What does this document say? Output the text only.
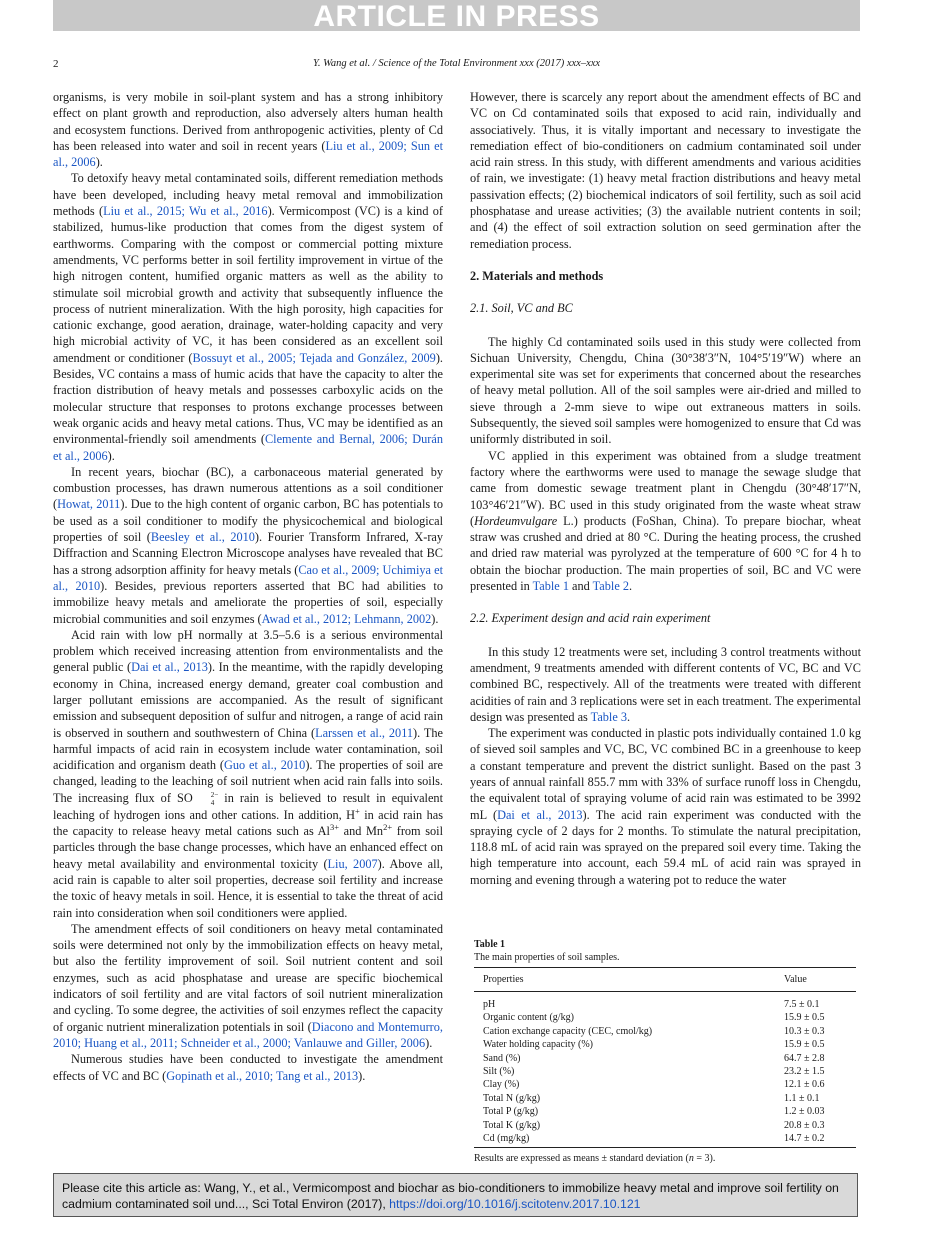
ARTICLE IN PRESS
2	Y. Wang et al. / Science of the Total Environment xxx (2017) xxx–xxx

organisms, is very mobile in soil-plant system and has a strong inhibitory effect on plant growth and reproduction, also adversely alters human health and ecosystem functions. Derived from anthropogenic activities, plenty of Cd has been released into water and soil in recent years (Liu et al., 2009; Sun et al., 2006).

To detoxify heavy metal contaminated soils, different remediation methods have been developed, including heavy metal removal and immobilization methods (Liu et al., 2015; Wu et al., 2016). Vermicompost (VC) is a kind of stabilized, humus-like production that comes from the digest system of earthworms. Comparing with the compost or commercial potting mixture amendments, VC performs better in soil fertility improvement in virtue of the high nitrogen content, humified organic matters as well as the ability to stimulate soil microbial growth and activity that subsequently influence the process of nutrient mineralization. With the high porosity, high capacities for cationic exchange, good aeration, drainage, water-holding capacity and very high microbial activity of VC, it has been considered as an excellent soil amendment or conditioner (Bossuyt et al., 2005; Tejada and González, 2009). Besides, VC contains a mass of humic acids that have the capacity to alter the fraction distribution of heavy metals and possesses carboxylic acids on the molecular structure that responses to protons exchange processes between weak organic acids and heavy metal cations. Thus, VC may be identified as an environmental-friendly soil amendments (Clemente and Bernal, 2006; Durán et al., 2006).

In recent years, biochar (BC), a carbonaceous material generated by combustion processes, has drawn numerous attentions as a soil conditioner (Howat, 2011). Due to the high content of organic carbon, BC has potentials to be used as a soil conditioner to modify the physicochemical and biological properties of soil (Beesley et al., 2010). Fourier Transform Infrared, X-ray Diffraction and Scanning Electron Microscope analyses have revealed that BC has a strong adsorption affinity for heavy metals (Cao et al., 2009; Uchimiya et al., 2010). Besides, previous reporters asserted that BC had abilities to immobilize heavy metals and ameliorate the properties of soil, especially microbial communities and soil enzymes (Awad et al., 2012; Lehmann, 2002).

Acid rain with low pH normally at 3.5–5.6 is a serious environmental problem which received increasing attention from environmentalists and the general public (Dai et al., 2013). In the meantime, with the rapidly developing economy in China, increased energy demand, greater coal combustion and larger pollutant emissions are accompanied. As the result of significant emission and subsequent deposition of sulfur and nitrogen, a range of acid rain is observed in southern and southwestern of China (Larssen et al., 2011). The harmful impacts of acid rain in ecosystem include water contamination, soil acidification and organism death (Guo et al., 2010). The properties of soil are changed, leading to the leaching of soil nutrient when acid rain falls into soils. The increasing flux of SO	2−
4 in rain is believed to result in equivalent leaching of hydrogen ions and other cations. In addition, H+ in acid rain has the capacity to release heavy metal cations such as $Al^{3+}$ and $Mn^{2+}$ from soil particles through the base change processes, which have an enhanced effect on heavy metal availability and environmental toxicity (Liu, 2007). Above all, acid rain is capable to alter soil properties, decrease soil fertility and increase the toxic of heavy metals in soil. Hence, it is essential to take the threat of acid rain into consideration when soil conditioners were applied.

The amendment effects of soil conditioners on heavy metal contaminated soils were determined not only by the immobilization effects on heavy metal, but also the fertility improvement of soil. Soil nutrient content and soil enzymes, such as acid phosphatase and urease are specific biochemical indicators of soil fertility and are vital factors of soil nutrient mineralization and cycling. To some degree, the activities of soil enzymes reflect the capacity of organic nutrient mineralization potentials in soil (Diacono and Montemurro, 2010; Huang et al., 2011; Schneider et al., 2000; Vanlauwe and Giller, 2006).

Numerous studies have been conducted to investigate the amendment effects of VC and BC (Gopinath et al., 2010; Tang et al., 2013).

However, there is scarcely any report about the amendment effects of BC and VC on Cd contaminated soils that exposed to acid rain, individually and associatively. Thus, it is vitally important and necessary to investigate the remediation effect of bio-conditioners on cadmium contaminated soil under acid rain stress. In this study, with different amendments and various acidities of rain, we investigate: (1) heavy metal fraction distributions and heavy metal passivation effects; (2) biochemical indicators of soil fertility, such as soil acid phosphatase and urease activities; (3) the available nutrient contents in soil; and (4) the effect of soil extraction solution on seed germination after the remediation process.

2. Materials and methods
2.1. Soil, VC and BC

The highly Cd contaminated soils used in this study were collected from Sichuan University, Chengdu, China (30°38′3″N, 104°5′19″W) where an experimental site was set for experiments that concerned about the researches of heavy metal pollution. All of the soil samples were air-dried and milled to sieve through a 2-mm sieve to wipe out extraneous matters in soils. Subsequently, the sieved soil samples were homogenized to ensure that Cd was uniformly distributed in soil.

VC applied in this experiment was obtained from a sludge treatment factory where the earthworms were used to manage the sewage sludge that came from domestic sewage treatment plant in Chengdu (30°48′17″N, 103°46′21″W). BC used in this study originated from the waste wheat straw (Hordeumvulgare L.) products (FoShan, China). To prepare biochar, wheat straw was crushed and dried at 80 °C. During the heating process, the crushed and dried raw material was pyrolyzed at the temperature of 600 °C for 4 h to obtain the biochar production. The main properties of soil, BC and VC were presented in Table 1 and Table 2.

2.2. Experiment design and acid rain experiment

In this study 12 treatments were set, including 3 control treatments without amendment, 9 treatments amended with different contents of VC, BC and VC combined BC, respectively. All of the treatments were treated with different acidities of rain and 3 replications were set in each treatment. The experimental design was presented as Table 3.

The experiment was conducted in plastic pots individually contained 1.0 kg of sieved soil samples and VC, BC, VC combined BC in a greenhouse to keep a constant temperature and prevent the district sunlight. Based on the past 3 years of annual rainfall 855.7 mm with 33% of surface runoff loss in Chengdu, the equivalent total of spraying volume of acid rain was estimated to be 3992 mL (Dai et al., 2013). The acid rain experiment was conducted with the spraying cycle of 2 days for 2 months. To stimulate the natural precipitation, 118.8 mL of acid rain was sprayed on the prepared soil every time. Taking the high temperature into account, each 59.4 mL of acid rain was sprayed in morning and evening through a watering pot to reduce the water

Table 1
The main properties of soil samples.
Properties	Value
pH	7.5 ± 0.1
Organic content (g/kg)	15.9 ± 0.5
Cation exchange capacity (CEC, cmol/kg)	10.3 ± 0.3
Water holding capacity (%)	15.9 ± 0.5
Sand (%)	64.7 ± 2.8
Silt (%)	23.2 ± 1.5
Clay (%)	12.1 ± 0.6
Total N (g/kg)	1.1 ± 0.1
Total P (g/kg)	1.2 ± 0.03
Total K (g/kg)	20.8 ± 0.3
Cd (mg/kg)	14.7 ± 0.2
Results are expressed as means ± standard deviation (n = 3).
Please cite this article as: Wang, Y., et al., Vermicompost and biochar as bio-conditioners to immobilize heavy metal and improve soil fertility on cadmium contaminated soil und..., Sci Total Environ (2017), https://doi.org/10.1016/j.scitotenv.2017.10.121
